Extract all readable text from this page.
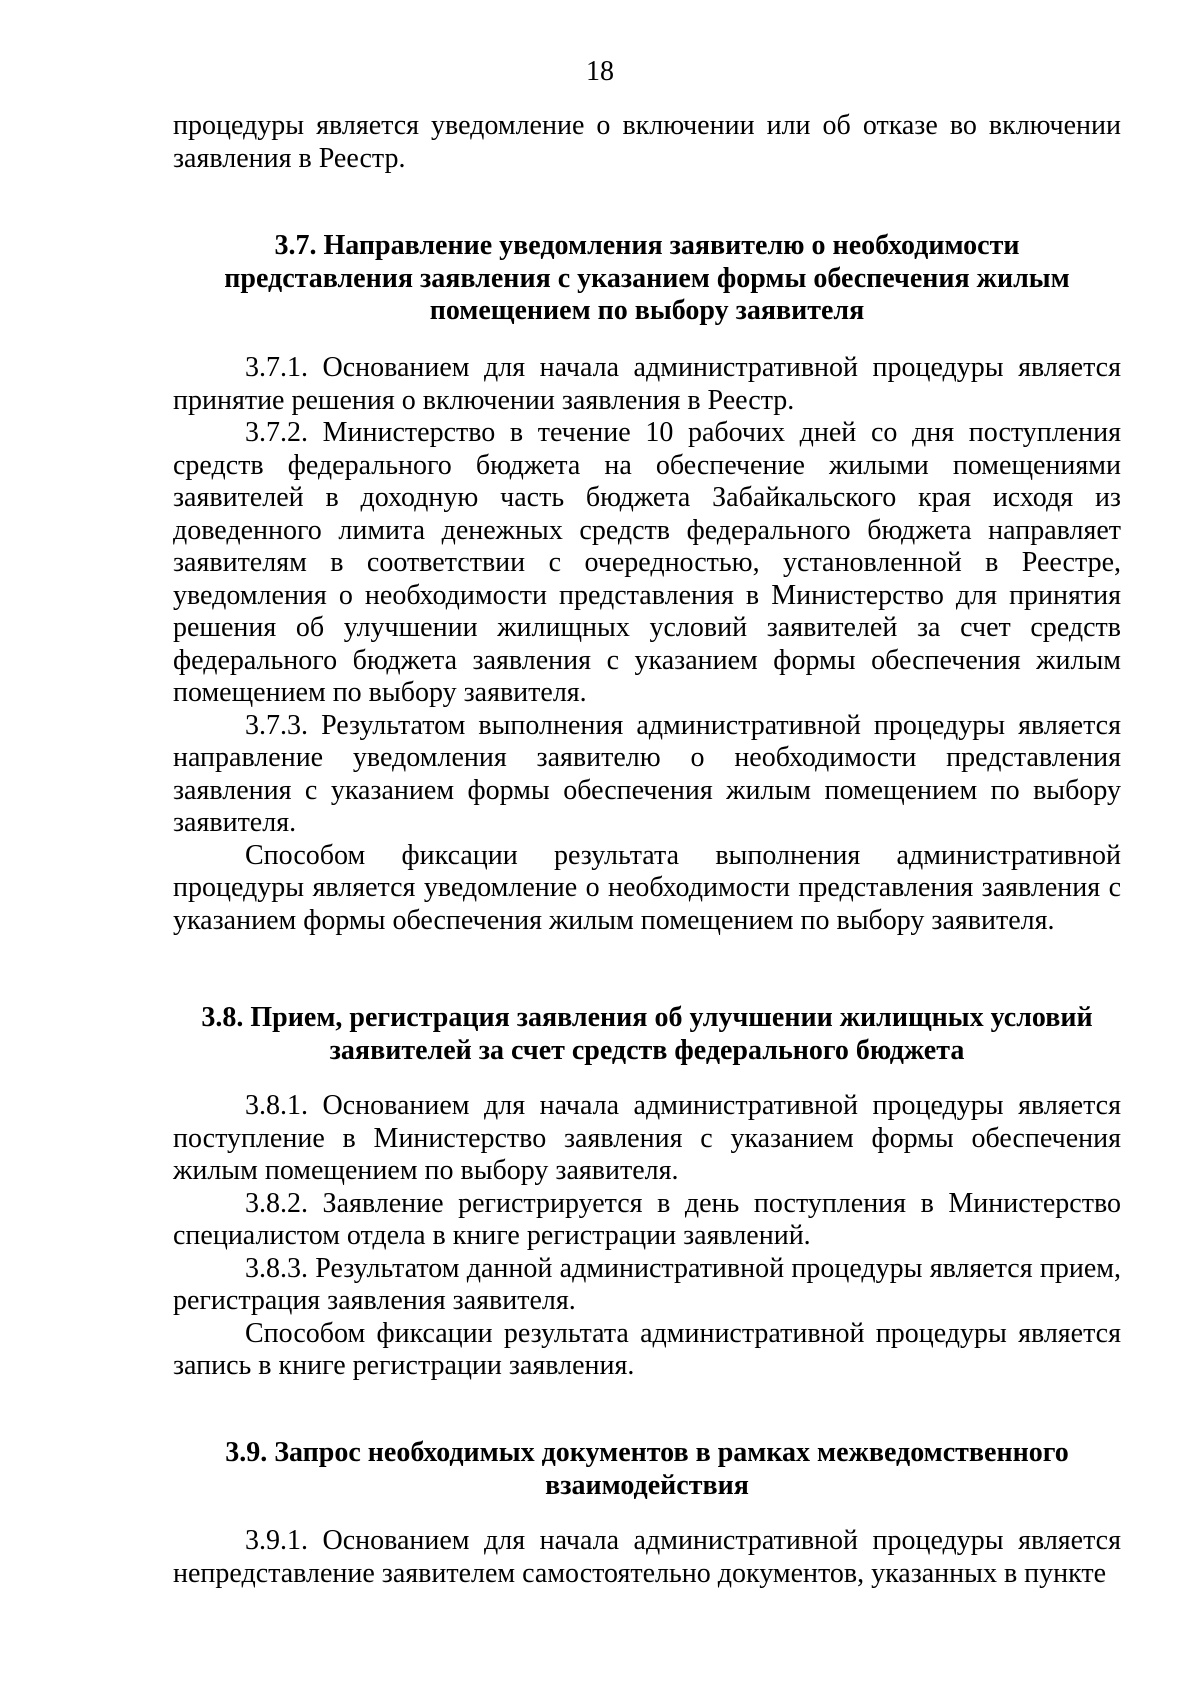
18

процедуры является уведомление о включении или об отказе во включении заявления в Реестр.

3.7. Направление уведомления заявителю о необходимости представления заявления с указанием формы обеспечения жилым помещением по выбору заявителя

3.7.1. Основанием для начала административной процедуры является принятие решения о включении заявления в Реестр.

3.7.2. Министерство в течение 10 рабочих дней со дня поступления средств федерального бюджета на обеспечение жилыми помещениями заявителей в доходную часть бюджета Забайкальского края исходя из доведенного лимита денежных средств федерального бюджета направляет заявителям в соответствии с очередностью, установленной в Реестре, уведомления о необходимости представления в Министерство для принятия решения об улучшении жилищных условий заявителей за счет средств федерального бюджета заявления с указанием формы обеспечения жилым помещением по выбору заявителя.

3.7.3. Результатом выполнения административной процедуры является направление уведомления заявителю о необходимости представления заявления с указанием формы обеспечения жилым помещением по выбору заявителя.

Способом фиксации результата выполнения административной процедуры является уведомление о необходимости представления заявления с указанием формы обеспечения жилым помещением по выбору заявителя.

3.8. Прием, регистрация заявления об улучшении жилищных условий заявителей за счет средств федерального бюджета

3.8.1. Основанием для начала административной процедуры является поступление в Министерство заявления с указанием формы обеспечения жилым помещением по выбору заявителя.

3.8.2. Заявление регистрируется в день поступления в Министерство специалистом отдела в книге регистрации заявлений.

3.8.3. Результатом данной административной процедуры является прием, регистрация заявления заявителя.

Способом фиксации результата административной процедуры является запись в книге регистрации заявления.

3.9. Запрос необходимых документов в рамках межведомственного взаимодействия

3.9.1. Основанием для начала административной процедуры является непредставление заявителем самостоятельно документов, указанных в пункте
